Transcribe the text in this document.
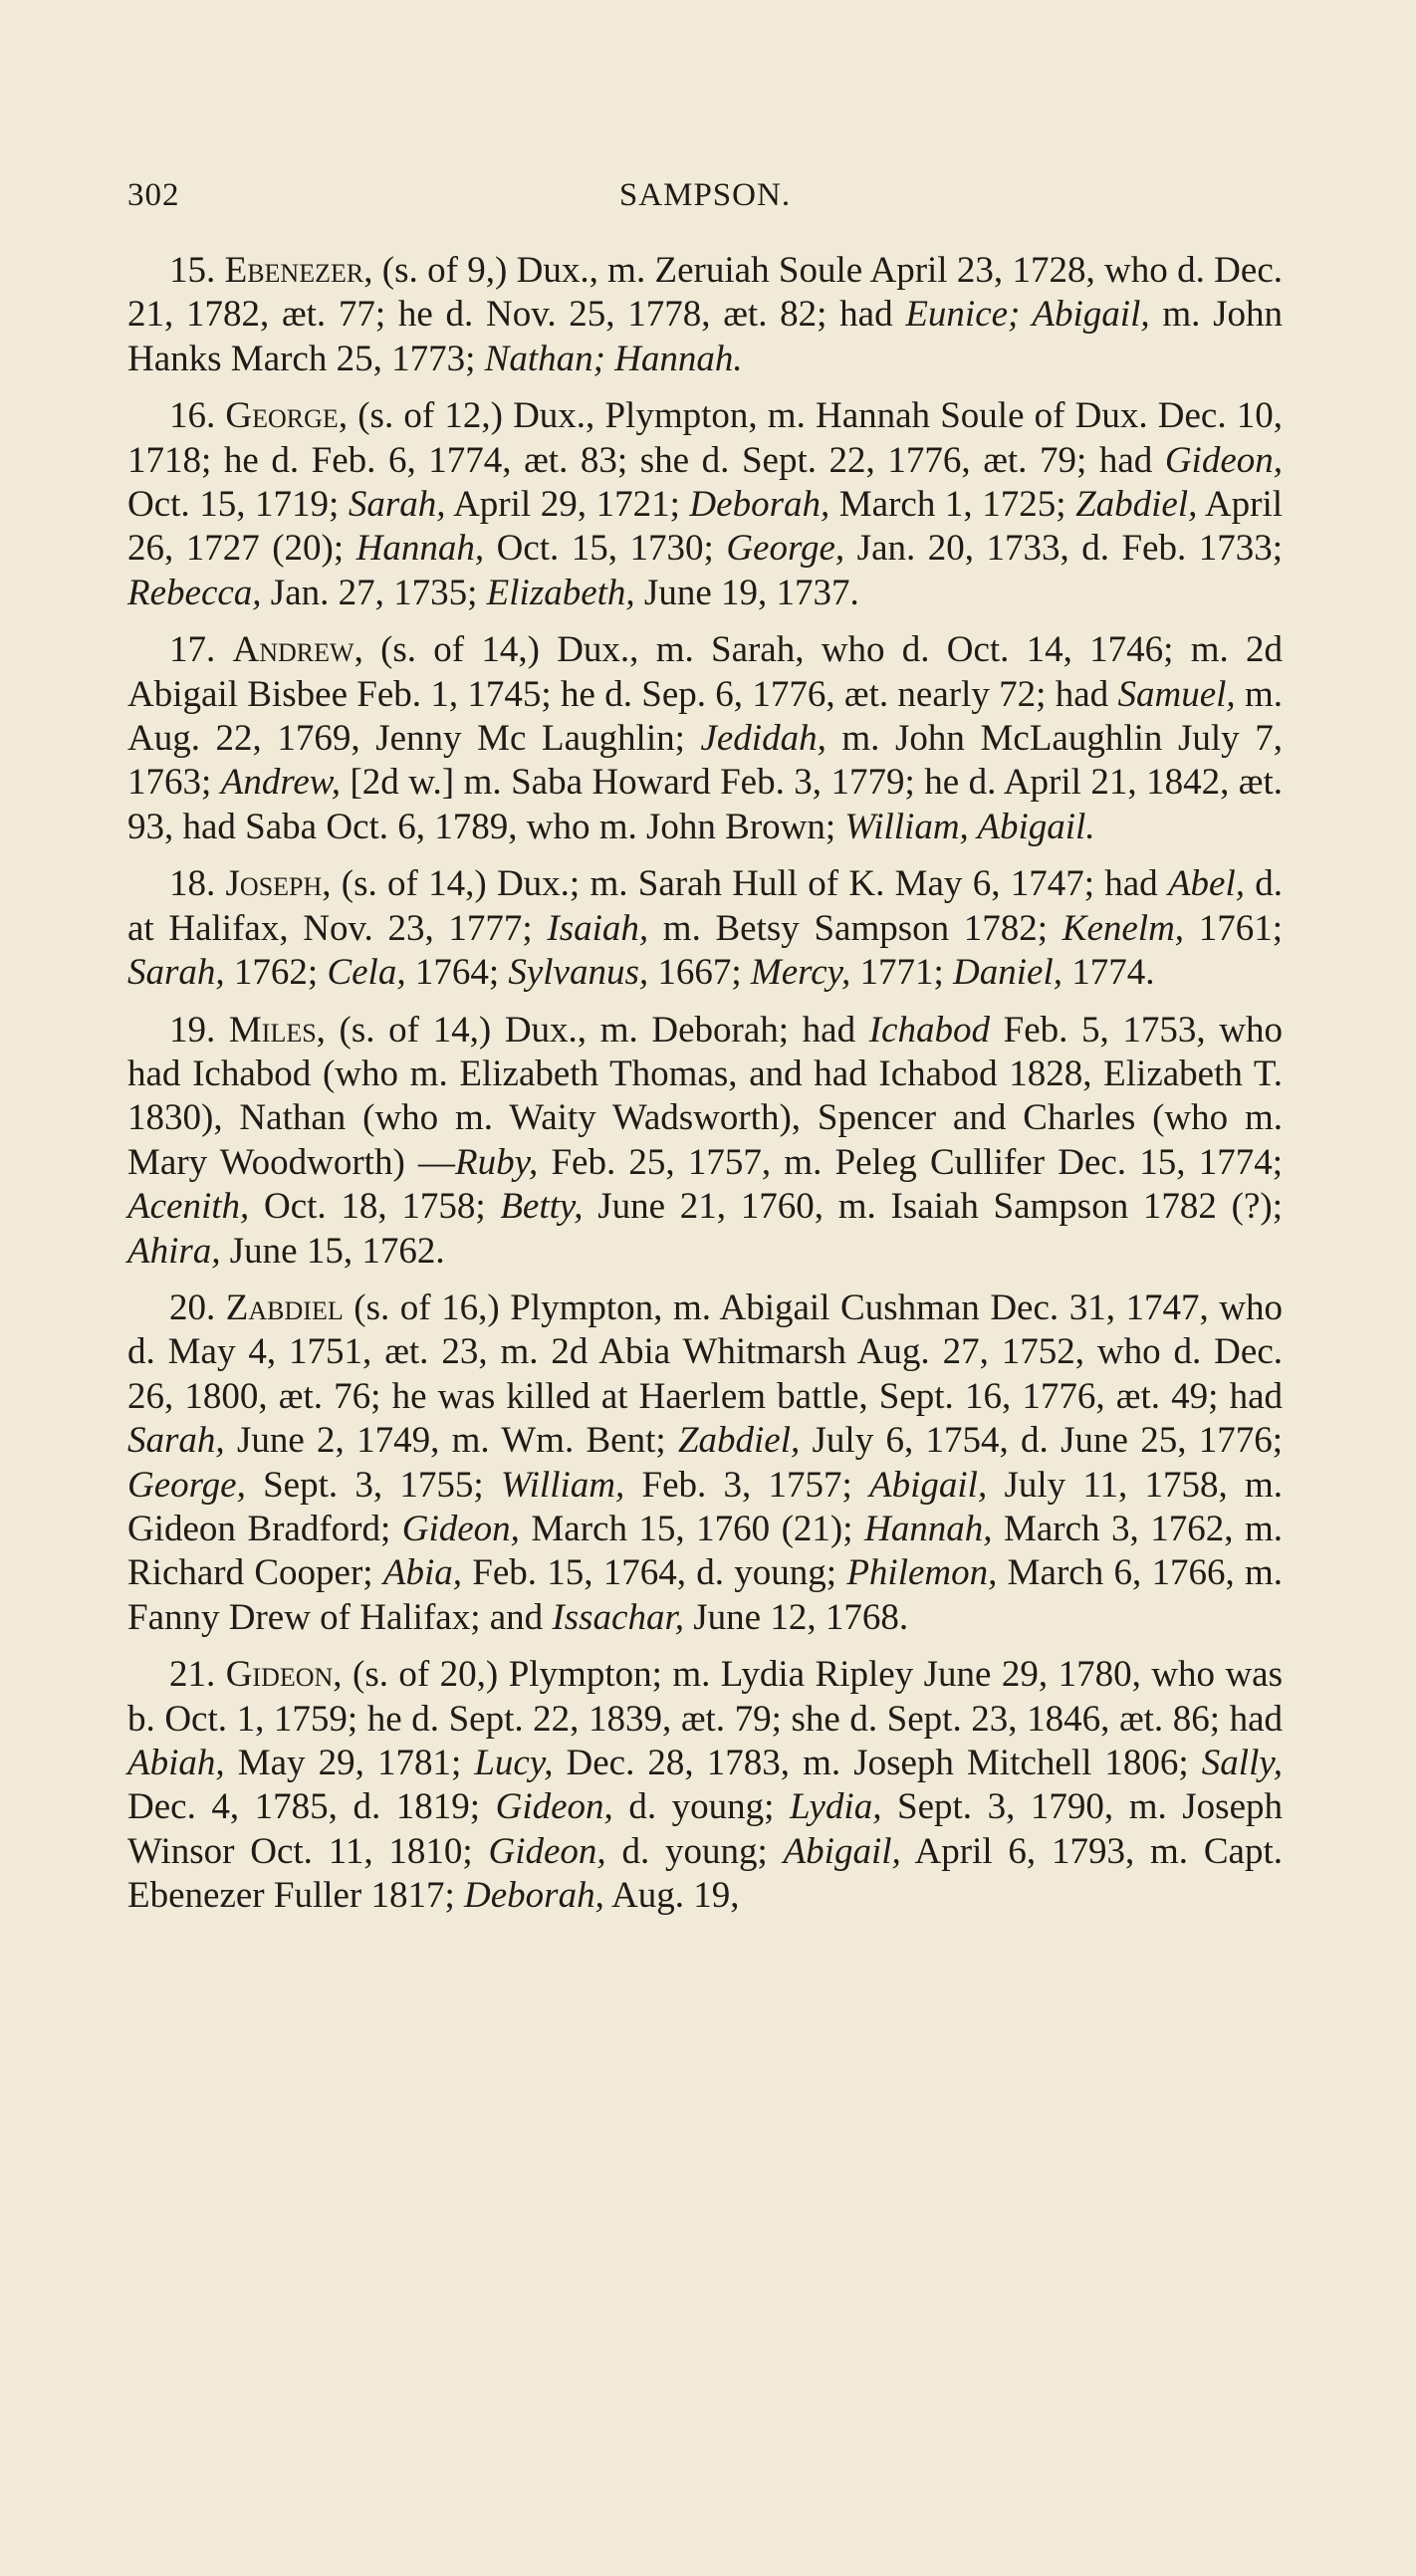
302	SAMPSON.

15. Ebenezer, (s. of 9,) Dux., m. Zeruiah Soule April 23, 1728, who d. Dec. 21, 1782, æt. 77; he d. Nov. 25, 1778, æt. 82; had Eunice; Abigail, m. John Hanks March 25, 1773; Nathan; Hannah.

16. George, (s. of 12,) Dux., Plympton, m. Hannah Soule of Dux. Dec. 10, 1718; he d. Feb. 6, 1774, æt. 83; she d. Sept. 22, 1776, æt. 79; had Gideon, Oct. 15, 1719; Sarah, April 29, 1721; Deborah, March 1, 1725; Zabdiel, April 26, 1727 (20); Hannah, Oct. 15, 1730; George, Jan. 20, 1733, d. Feb. 1733; Rebecca, Jan. 27, 1735; Elizabeth, June 19, 1737.

17. Andrew, (s. of 14,) Dux., m. Sarah, who d. Oct. 14, 1746; m. 2d Abigail Bisbee Feb. 1, 1745; he d. Sep. 6, 1776, æt. nearly 72; had Samuel, m. Aug. 22, 1769, Jenny Mc Laughlin; Jedidah, m. John McLaughlin July 7, 1763; Andrew, [2d w.] m. Saba Howard Feb. 3, 1779; he d. April 21, 1842, æt. 93, had Saba Oct. 6, 1789, who m. John Brown; William, Abigail.

18. Joseph, (s. of 14,) Dux.; m. Sarah Hull of K. May 6, 1747; had Abel, d. at Halifax, Nov. 23, 1777; Isaiah, m. Betsy Sampson 1782; Kenelm, 1761; Sarah, 1762; Cela, 1764; Sylvanus, 1667; Mercy, 1771; Daniel, 1774.

19. Miles, (s. of 14,) Dux., m. Deborah; had Ichabod Feb. 5, 1753, who had Ichabod (who m. Elizabeth Thomas, and had Ichabod 1828, Elizabeth T. 1830), Nathan (who m. Waity Wadsworth), Spencer and Charles (who m. Mary Woodworth) —Ruby, Feb. 25, 1757, m. Peleg Cullifer Dec. 15, 1774; Acenith, Oct. 18, 1758; Betty, June 21, 1760, m. Isaiah Sampson 1782 (?); Ahira, June 15, 1762.

20. Zabdiel (s. of 16,) Plympton, m. Abigail Cushman Dec. 31, 1747, who d. May 4, 1751, æt. 23, m. 2d Abia Whitmarsh Aug. 27, 1752, who d. Dec. 26, 1800, æt. 76; he was killed at Haerlem battle, Sept. 16, 1776, æt. 49; had Sarah, June 2, 1749, m. Wm. Bent; Zabdiel, July 6, 1754, d. June 25, 1776; George, Sept. 3, 1755; William, Feb. 3, 1757; Abigail, July 11, 1758, m. Gideon Bradford; Gideon, March 15, 1760 (21); Hannah, March 3, 1762, m. Richard Cooper; Abia, Feb. 15, 1764, d. young; Philemon, March 6, 1766, m. Fanny Drew of Halifax; and Issachar, June 12, 1768.

21. Gideon, (s. of 20,) Plympton; m. Lydia Ripley June 29, 1780, who was b. Oct. 1, 1759; he d. Sept. 22, 1839, æt. 79; she d. Sept. 23, 1846, æt. 86; had Abiah, May 29, 1781; Lucy, Dec. 28, 1783, m. Joseph Mitchell 1806; Sally, Dec. 4, 1785, d. 1819; Gideon, d. young; Lydia, Sept. 3, 1790, m. Joseph Winsor Oct. 11, 1810; Gideon, d. young; Abigail, April 6, 1793, m. Capt. Ebenezer Fuller 1817; Deborah, Aug. 19,
